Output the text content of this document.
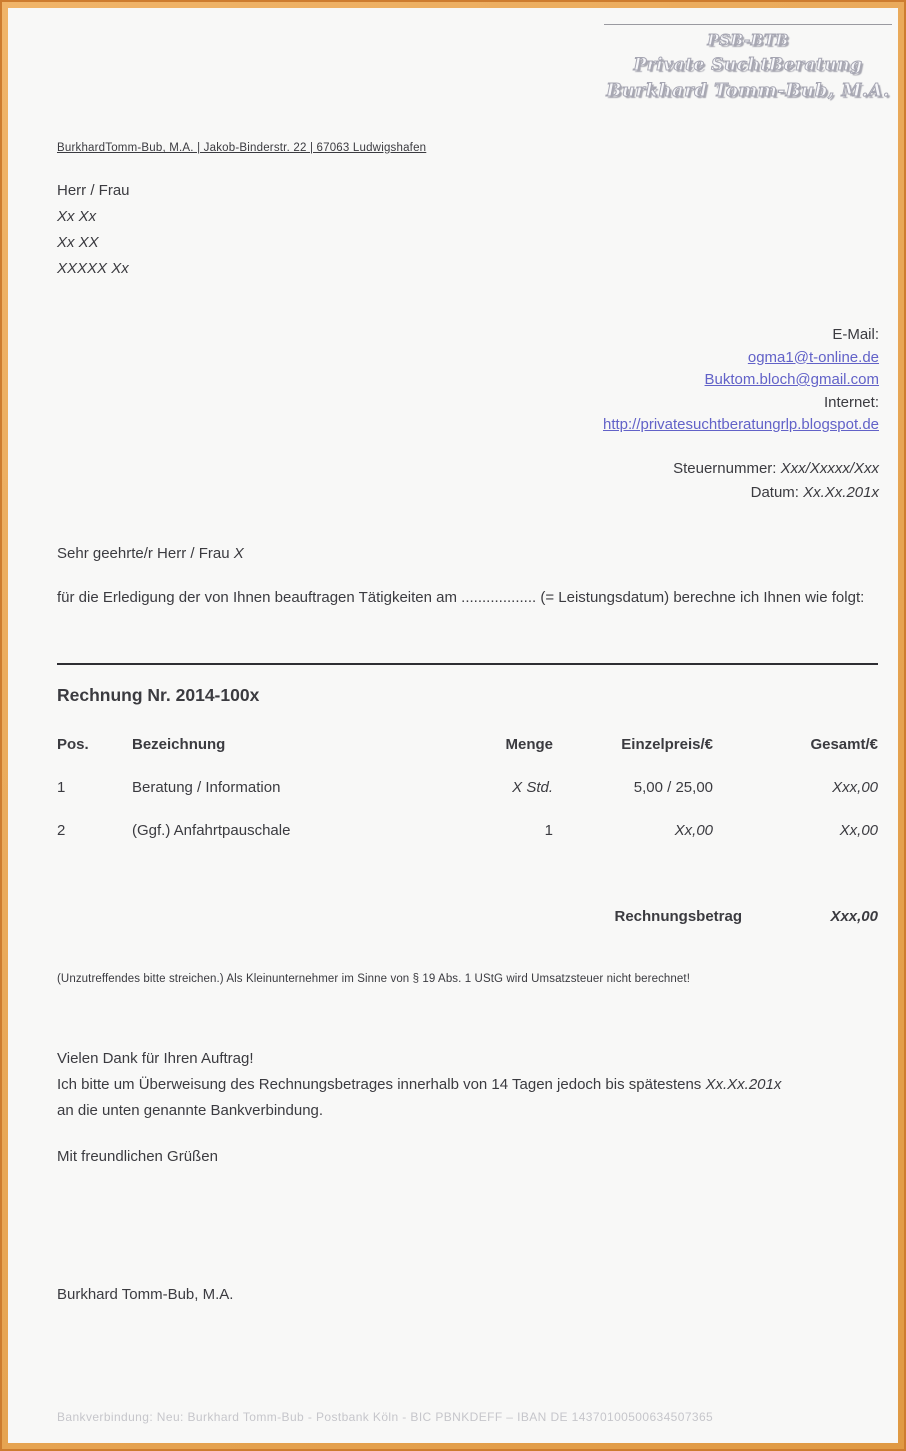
PSB-BTB
Private SuchtBeratung
Burkhard Tomm-Bub, M.A.
BurkhardTomm-Bub, M.A. | Jakob-Binderstr. 22 | 67063 Ludwigshafen
Herr / Frau
Xx Xx
Xx XX
XXXXX Xx
E-Mail:
ogma1@t-online.de
Buktom.bloch@gmail.com
Internet:
http://privatesuchtberatungrlp.blogspot.de
Steuernummer: Xxx/Xxxxx/Xxx
Datum: Xx.Xx.201x
Sehr geehrte/r Herr / Frau X
für die Erledigung der von Ihnen beauftragen Tätigkeiten am .................. (= Leistungsdatum) berechne ich Ihnen wie folgt:
Rechnung Nr. 2014-100x
Pos.	Bezeichnung	Menge	Einzelpreis/€	Gesamt/€
1	Beratung / Information	X Std.	5,00 / 25,00	Xxx,00
2	(Ggf.) Anfahrtpauschale	1	Xx,00	Xx,00
Rechnungsbetrag	Xxx,00
(Unzutreffendes bitte streichen.) Als Kleinunternehmer im Sinne von § 19 Abs. 1 UStG wird Umsatzsteuer nicht berechnet!
Vielen Dank für Ihren Auftrag!
Ich bitte um Überweisung des Rechnungsbetrages innerhalb von 14 Tagen jedoch bis spätestens Xx.Xx.201x
an die unten genannte Bankverbindung.
Mit freundlichen Grüßen
Burkhard Tomm-Bub, M.A.
Bankverbindung: Neu: Burkhard Tomm-Bub - Postbank Köln - BIC PBNKDEFF – IBAN DE 14370100500634507365
